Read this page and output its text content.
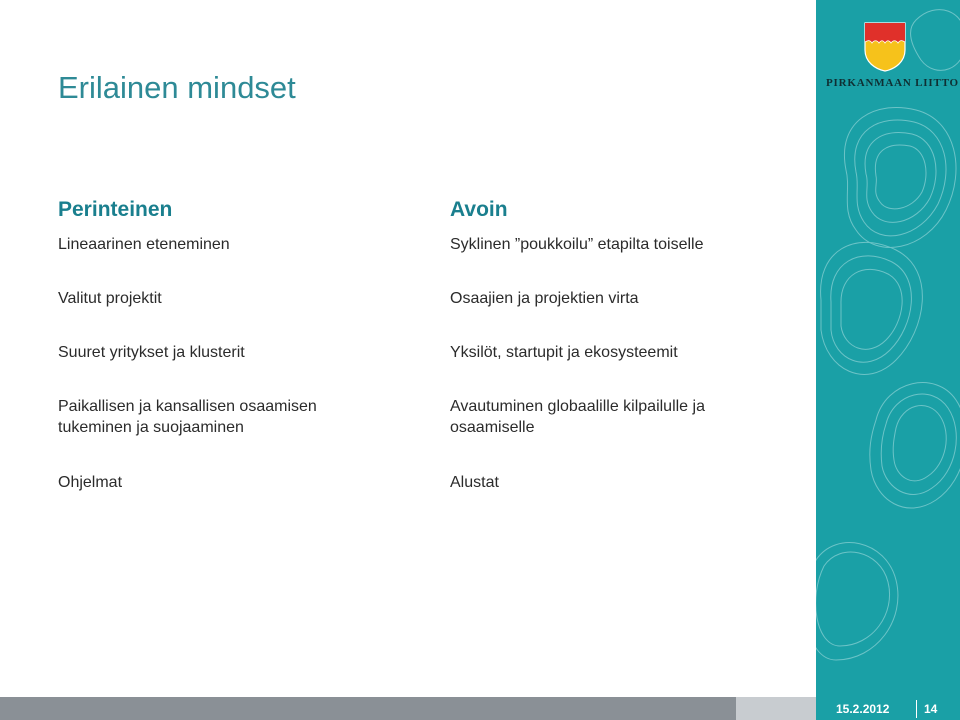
Erilainen mindset
Perinteinen

Lineaarinen eteneminen

Valitut projektit

Suuret yritykset ja klusterit

Paikallisen ja kansallisen osaamisen tukeminen ja suojaaminen

Ohjelmat

Avoin

Syklinen ”poukkoilu” etapilta toiselle

Osaajien ja projektien virta

Yksilöt, startupit ja ekosysteemit

Avautuminen globaalille kilpailulle ja osaamiselle

Alustat

PIRKANMAAN LIITTO
15.2.2012	14
